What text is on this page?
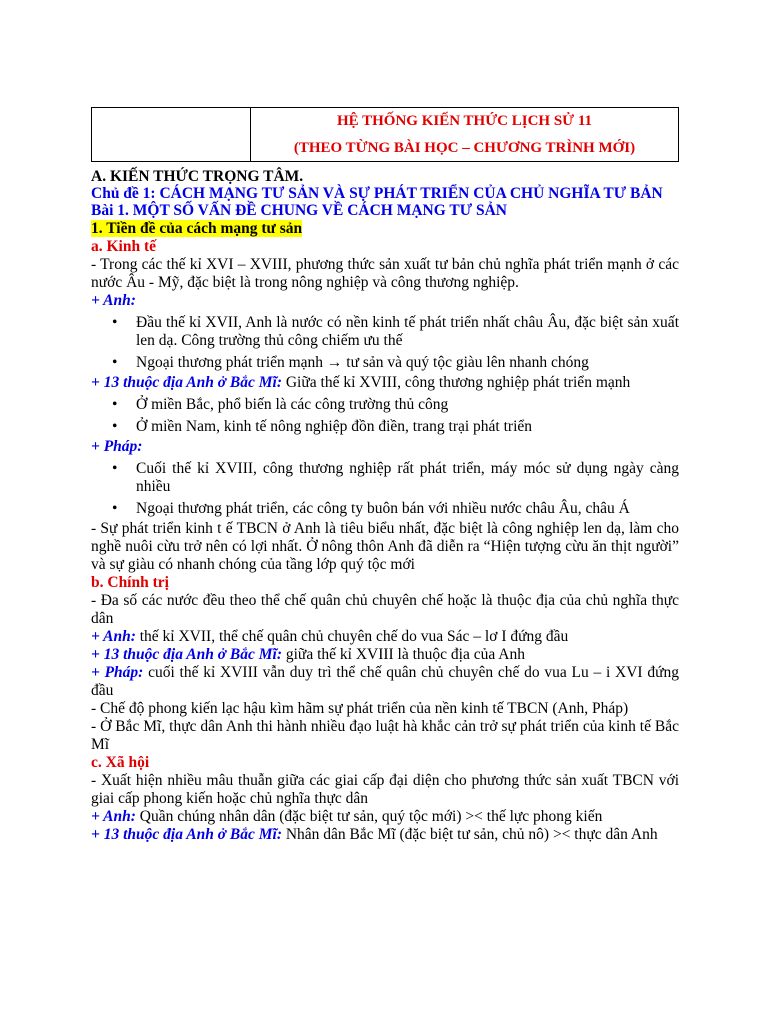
HỆ THỐNG KIẾN THỨC LỊCH SỬ 11
(THEO TỪNG BÀI HỌC – CHƯƠNG TRÌNH MỚI)

A. KIẾN THỨC TRỌNG TÂM.

Chủ đề 1: CÁCH MẠNG TƯ SẢN VÀ SỰ PHÁT TRIỂN CỦA CHỦ NGHĨA TƯ BẢN

Bài 1. MỘT SỐ VẤN ĐỀ CHUNG VỀ CÁCH MẠNG TƯ SẢN

1. Tiền đề của cách mạng tư sản

a. Kinh tế

- Trong các thế kỉ XVI – XVIII, phương thức sản xuất tư bản chủ nghĩa phát triển mạnh ở các nước Âu - Mỹ, đặc biệt là trong nông nghiệp và công thương nghiệp.

+ Anh:

• Đầu thế kỉ XVII, Anh là nước có nền kinh tế phát triển nhất châu Âu, đặc biệt sản xuất len dạ. Công trường thủ công chiếm ưu thế
• Ngoại thương phát triển mạnh → tư sản và quý tộc giàu lên nhanh chóng

+ 13 thuộc địa Anh ở Bắc Mĩ: Giữa thế kỉ XVIII, công thương nghiệp phát triển mạnh

• Ở miền Bắc, phổ biến là các công trường thủ công
• Ở miền Nam, kinh tế nông nghiệp đồn điền, trang trại phát triển

+ Pháp:

• Cuối thế kỉ XVIII, công thương nghiệp rất phát triển, máy móc sử dụng ngày càng nhiều
• Ngoại thương phát triển, các công ty buôn bán với nhiều nước châu Âu, châu Á

- Sự phát triển kinh t ế TBCN ở Anh là tiêu biểu nhất, đặc biệt là công nghiệp len dạ, làm cho nghề nuôi cừu trở nên có lợi nhất. Ở nông thôn Anh đã diễn ra “Hiện tượng cừu ăn thịt người” và sự giàu có nhanh chóng của tầng lớp quý tộc mới

b. Chính trị

- Đa số các nước đều theo thể chế quân chủ chuyên chế hoặc là thuộc địa của chủ nghĩa thực dân

+ Anh: thế kỉ XVII, thể chế quân chủ chuyên chế do vua Sác – lơ I đứng đầu

+ 13 thuộc địa Anh ở Bắc Mĩ: giữa thế kỉ XVIII là thuộc địa của Anh

+ Pháp: cuối thế kỉ XVIII vẫn duy trì thể chế quân chủ chuyên chế do vua Lu – i XVI đứng đầu

- Chế độ phong kiến lạc hậu kìm hãm sự phát triển của nền kinh tế TBCN (Anh, Pháp)

- Ở Bắc Mĩ, thực dân Anh thi hành nhiều đạo luật hà khắc cản trở sự phát triển của kinh tế Bắc Mĩ

c. Xã hội

- Xuất hiện nhiều mâu thuẫn giữa các giai cấp đại diện cho phương thức sản xuất TBCN với giai cấp phong kiến hoặc chủ nghĩa thực dân

+ Anh: Quần chúng nhân dân (đặc biệt tư sản, quý tộc mới) >< thế lực phong kiến

+ 13 thuộc địa Anh ở Bắc Mĩ: Nhân dân Bắc Mĩ (đặc biệt tư sản, chủ nô) >< thực dân Anh
